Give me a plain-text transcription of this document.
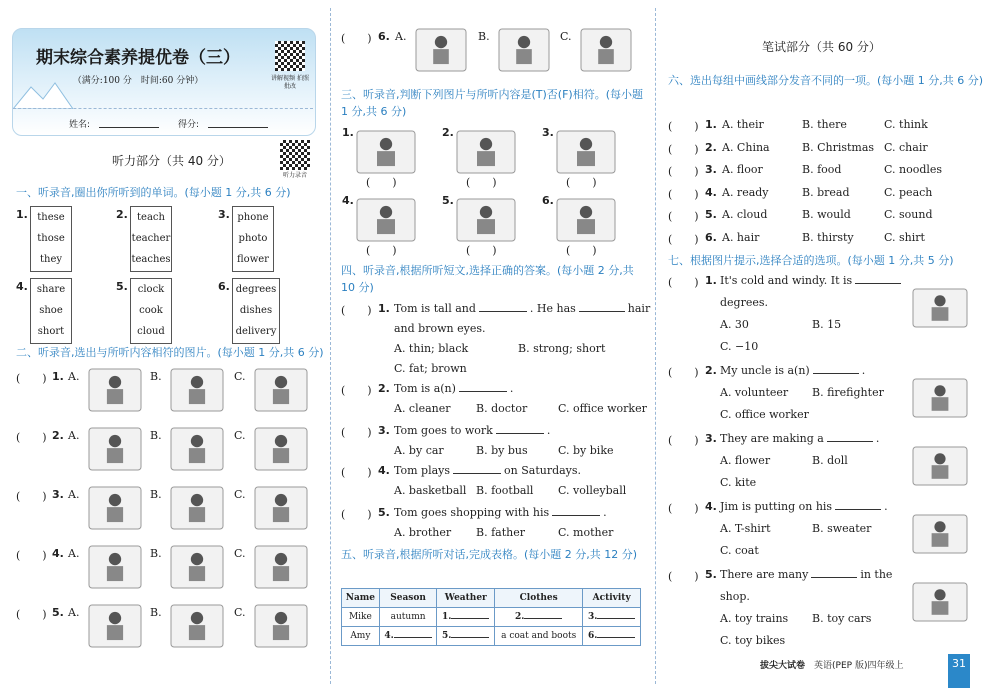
期末综合素养提优卷（三）
（满分:100 分　时间:60 分钟）	讲解视频 拍照批改
姓名:	得分:
听力部分（共 40 分）
听力录音
一、听录音,圈出你所听到的单词。(每小题 1 分,共 6 分)
二、听录音,选出与所听内容相符的图片。(每小题 1 分,共 6 分)
三、听录音,判断下列图片与所听内容是(T)否(F)相符。(每小题 1 分,共 6 分)
四、听录音,根据所听短文,选择正确的答案。(每小题 2 分,共 10 分)
五、听录音,根据所听对话,完成表格。(每小题 2 分,共 12 分)
Name	Season	Weather	Clothes	Activity
Mike	autumn	1.	2.	3.
Amy	4.	5.	a coat and boots	6.
笔试部分（共 60 分）
六、选出每组中画线部分发音不同的一项。(每小题 1 分,共 6 分)
七、根据图片提示,选择合适的选项。(每小题 1 分,共 5 分)
拔尖大试卷　 英语(PEP 版)四年级上	31
1. these
those
they
2. teach
teacher
teaches
3. phone
photo
flower
4. share
shoe
short
5. clock
cook
cloud
6. degrees
dishes
delivery
(　　) 1. A.	B.	C.
(　　) 2. A.	B.	C.
(　　) 3. A.	B.	C.
(　　) 4. A.	B.	C.
(　　) 5. A.	B.	C.
(　　) 6. A.	B.	C.
1.
(　　)
2.
(　　)
3.
(　　)
4.
(　　)
5.
(　　)
6.
(　　)
(　　) 1. Tom is tall and	. He has	hair
and brown eyes.
A. thin; black	B. strong; short
C. fat; brown
(　　) 2. Tom is a(n)	.
A. cleaner B. doctor	C. office worker
(　　) 3. Tom goes to work	.
A. by car	B. by bus	C. by bike
(　　) 4. Tom plays	on Saturdays.
A. basketball B. football C. volleyball
(　　) 5. Tom goes shopping with his	.
A. brother B. father	C. mother
(　　) 1. A. their	B. there	C. think
(　　) 2. A. China	B. Christmas C. chair
(　　) 3. A. floor	B. food	C. noodles
(　　) 4. A. ready	B. bread	C. peach
(　　) 5. A. cloud	B. would	C. sound
(　　) 6. A. hair	B. thirsty	C. shirt
(　　) 1. It's cold and windy. It is
degrees.
A. 30	B. 15
C. −10
(　　) 2. My uncle is a(n)	.
A. volunteer B. firefighter
C. office worker
(　　) 3. They are making a	.
A. flower	B. doll
C. kite
(　　) 4. Jim is putting on his	.
A. T-shirt	B. sweater
C. coat
(　　) 5. There are many	in the
shop.
A. toy trains B. toy cars
C. toy bikes
